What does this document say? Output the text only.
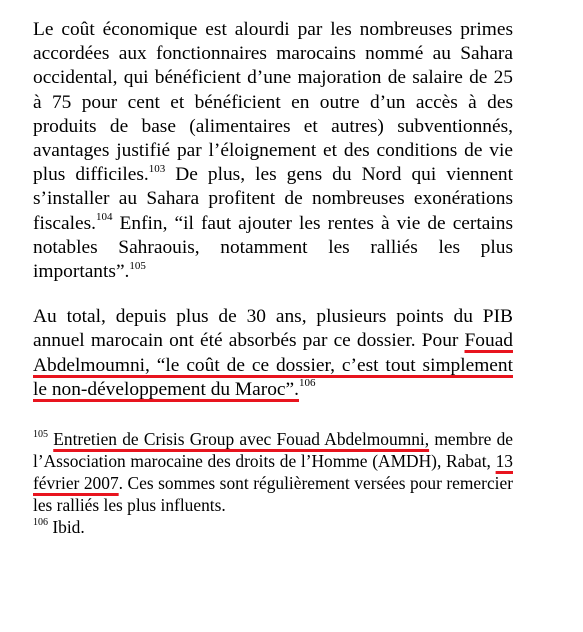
Le coût économique est alourdi par les nombreuses primes accordées aux fonctionnaires marocains nommé au Sahara occidental, qui bénéficient d’une majoration de salaire de 25 à 75 pour cent et bénéficient en outre d’un accès à des produits de base (alimentaires et autres) subventionnés, avantages justifié par l’éloignement et des conditions de vie plus difficiles.$^{103}$ De plus, les gens du Nord qui viennent s’installer au Sahara profitent de nombreuses exonérations fiscales.$^{104}$ Enfin, “il faut ajouter les rentes à vie de certains notables Sahraouis, notamment les ralliés les plus importants”.$^{105}$

Au total, depuis plus de 30 ans, plusieurs points du PIB annuel marocain ont été absorbés par ce dossier. Pour Fouad Abdelmoumni, “le coût de ce dossier, c’est tout simplement le non-développement du Maroc”.$^{106}$

$^{105}$ Entretien de Crisis Group avec Fouad Abdelmoumni, membre de l’Association marocaine des droits de l’Homme (AMDH), Rabat, 13 février 2007. Ces sommes sont régulièrement versées pour remercier les ralliés les plus influents.

$^{106}$ Ibid.
